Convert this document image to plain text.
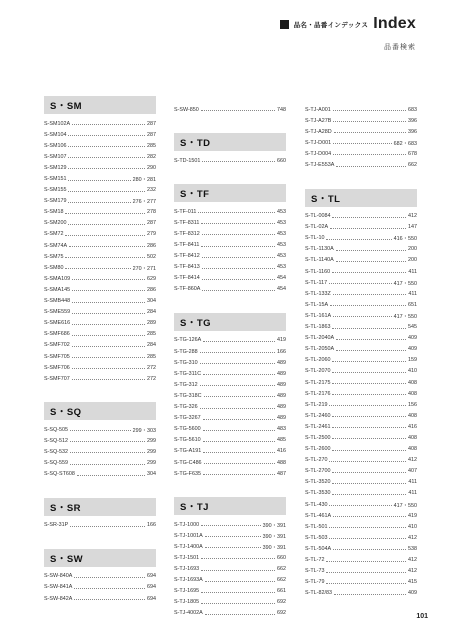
品名・品番インデックス Index
品番検索
S・SM
S-SM102A	287
S-SM104	287
S-SM106	285
S-SM107	282
S-SM129	290
S-SM151	280・281
S-SM155	232
S-SM179	276・277
S-SM18	278
S-SM200	287
S-SM72	279
S-SM74A	286
S-SM75	502
S-SM80	270・271
S-SMA109	629
S-SMA145	286
S-SMB448	304
S-SME559	284
S-SME616	289
S-SMF686	285
S-SMF702	284
S-SMF705	285
S-SMF706	272
S-SMF707	272
S・SQ
S-SQ-505	299・303
S-SQ-512	299
S-SQ-532	299
S-SQ-559	299
S-SQ-ST608	304
S・SR
S-SR-31P	166
S・SW
S-SW-840A	694
S-SW-841A	694
S-SW-842A	694
S-SW-850	748
S・TD
S-TD-1501	660
S・TF
S-TF-011	453
S-TF-8311	453
S-TF-8312	453
S-TF-8411	453
S-TF-8412	453
S-TF-8413	453
S-TF-8414	454
S-TF-860A	454
S・TG
S-TG-126A	419
S-TG-288	166
S-TG-310	489
S-TG-311C	489
S-TG-312	489
S-TG-318C	489
S-TG-326	489
S-TG-3267	489
S-TG-5600	483
S-TG-5610	485
S-TG-A191	416
S-TG-C486	488
S-TG-F635	487
S・TJ
S-TJ-1000	390・391
S-TJ-1001A	390・391
S-TJ-1400A	390・391
S-TJ-1501	660
S-TJ-1693	662
S-TJ-1693A	662
S-TJ-1695	661
S-TJ-1805	692
S-TJ-4002A	692
S-TJ-A001	683
S-TJ-A27B	396
S-TJ-A28D	396
S-TJ-D001	682・683
S-TJ-D004	678
S-TJ-E553A	662
S・TL
S-TL-0084	412
S-TL-02A	147
S-TL-10	416・550
S-TL-1130A	200
S-TL-1140A	200
S-TL-1160	411
S-TL-117	417・550
S-TL-133Z	411
S-TL-15A	651
S-TL-161A	417・550
S-TL-1863	545
S-TL-2040A	409
S-TL-2050A	409
S-TL-2060	159
S-TL-2070	410
S-TL-2175	408
S-TL-2176	408
S-TL-219	156
S-TL-2460	408
S-TL-2461	416
S-TL-2500	408
S-TL-2600	408
S-TL-270	412
S-TL-2700	407
S-TL-3520	411
S-TL-3530	411
S-TL-430	417・550
S-TL-461A	419
S-TL-501	410
S-TL-503	412
S-TL-504A	538
S-TL-72	412
S-TL-73	412
S-TL-79	415
S-TL-82/83	409
101
